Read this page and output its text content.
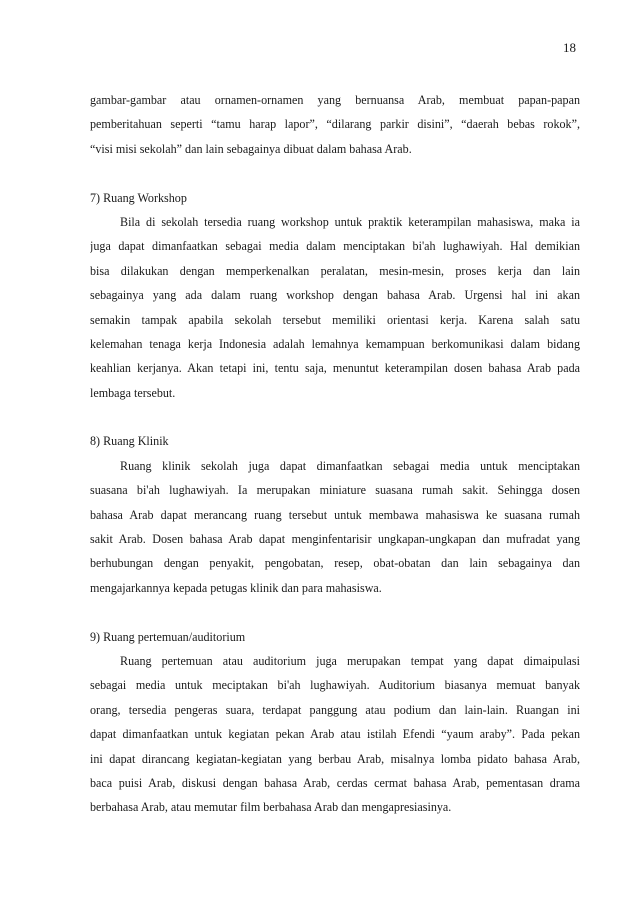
18
gambar-gambar atau ornamen-ornamen yang bernuansa Arab, membuat papan-papan
pemberitahuan seperti “tamu harap lapor”, “dilarang parkir disini”, “daerah bebas rokok”,
“visi misi sekolah” dan lain sebagainya dibuat dalam bahasa Arab.
7) Ruang Workshop
Bila di sekolah tersedia ruang workshop untuk praktik keterampilan mahasiswa, maka ia
juga dapat dimanfaatkan sebagai media dalam menciptakan bi'ah lughawiyah. Hal demikian
bisa dilakukan dengan memperkenalkan peralatan, mesin-mesin, proses kerja dan lain
sebagainya yang ada dalam ruang workshop dengan bahasa Arab. Urgensi hal ini akan
semakin tampak apabila sekolah tersebut memiliki orientasi kerja. Karena salah satu
kelemahan tenaga kerja Indonesia adalah lemahnya kemampuan berkomunikasi dalam bidang
keahlian kerjanya. Akan tetapi ini, tentu saja, menuntut keterampilan dosen bahasa Arab pada
lembaga tersebut.
8) Ruang Klinik
Ruang klinik sekolah juga dapat dimanfaatkan sebagai media untuk menciptakan
suasana bi'ah lughawiyah. Ia merupakan miniature suasana rumah sakit. Sehingga dosen
bahasa Arab dapat merancang ruang tersebut untuk membawa mahasiswa ke suasana rumah
sakit Arab. Dosen bahasa Arab dapat menginfentarisir ungkapan-ungkapan dan mufradat yang
berhubungan dengan penyakit, pengobatan, resep, obat-obatan dan lain sebagainya dan
mengajarkannya kepada petugas klinik dan para mahasiswa.
9) Ruang pertemuan/auditorium
Ruang pertemuan atau auditorium juga merupakan tempat yang dapat dimaipulasi
sebagai media untuk meciptakan bi'ah lughawiyah. Auditorium biasanya memuat banyak
orang, tersedia pengeras suara, terdapat panggung atau podium dan lain-lain. Ruangan ini
dapat dimanfaatkan untuk kegiatan pekan Arab atau istilah Efendi “yaum araby”. Pada pekan
ini dapat dirancang kegiatan-kegiatan yang berbau Arab, misalnya lomba pidato bahasa Arab,
baca puisi Arab, diskusi dengan bahasa Arab, cerdas cermat bahasa Arab, pementasan drama
berbahasa Arab, atau memutar film berbahasa Arab dan mengapresiasinya.
